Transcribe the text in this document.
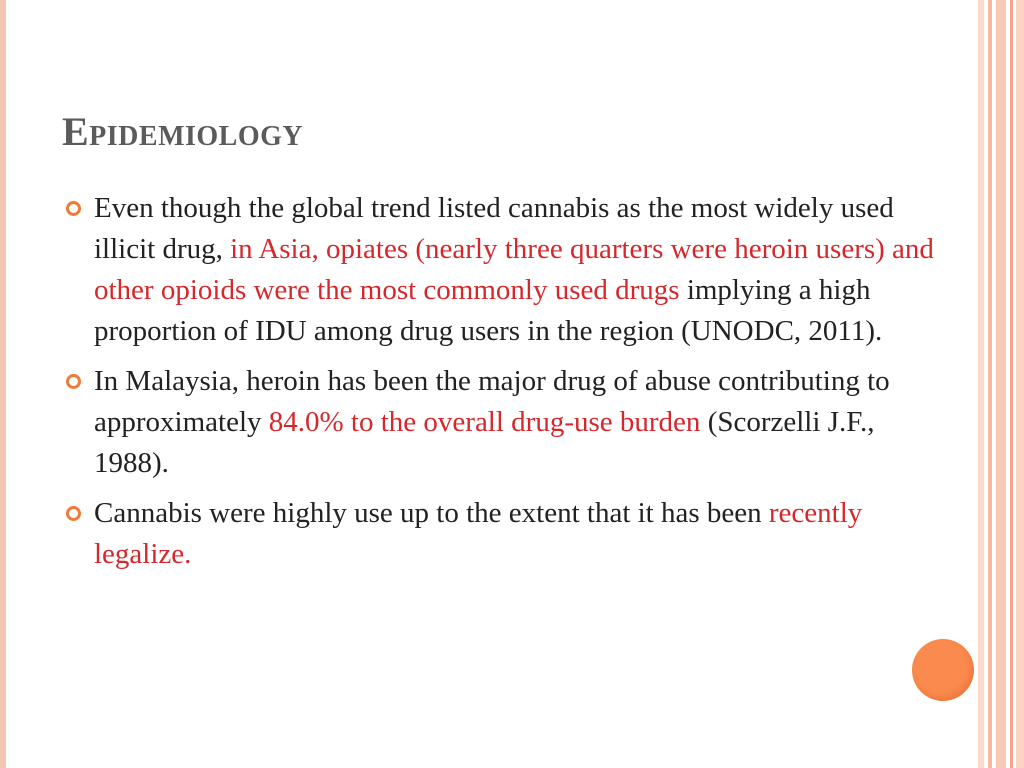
Epidemiology
Even though the global trend listed cannabis as the most widely used illicit drug, in Asia, opiates (nearly three quarters were heroin users) and other opioids were the most commonly used drugs implying a high proportion of IDU among drug users in the region (UNODC, 2011).
In Malaysia, heroin has been the major drug of abuse contributing to approximately 84.0% to the overall drug-use burden (Scorzelli J.F., 1988).
Cannabis were highly use up to the extent that it has been recently legalize.
